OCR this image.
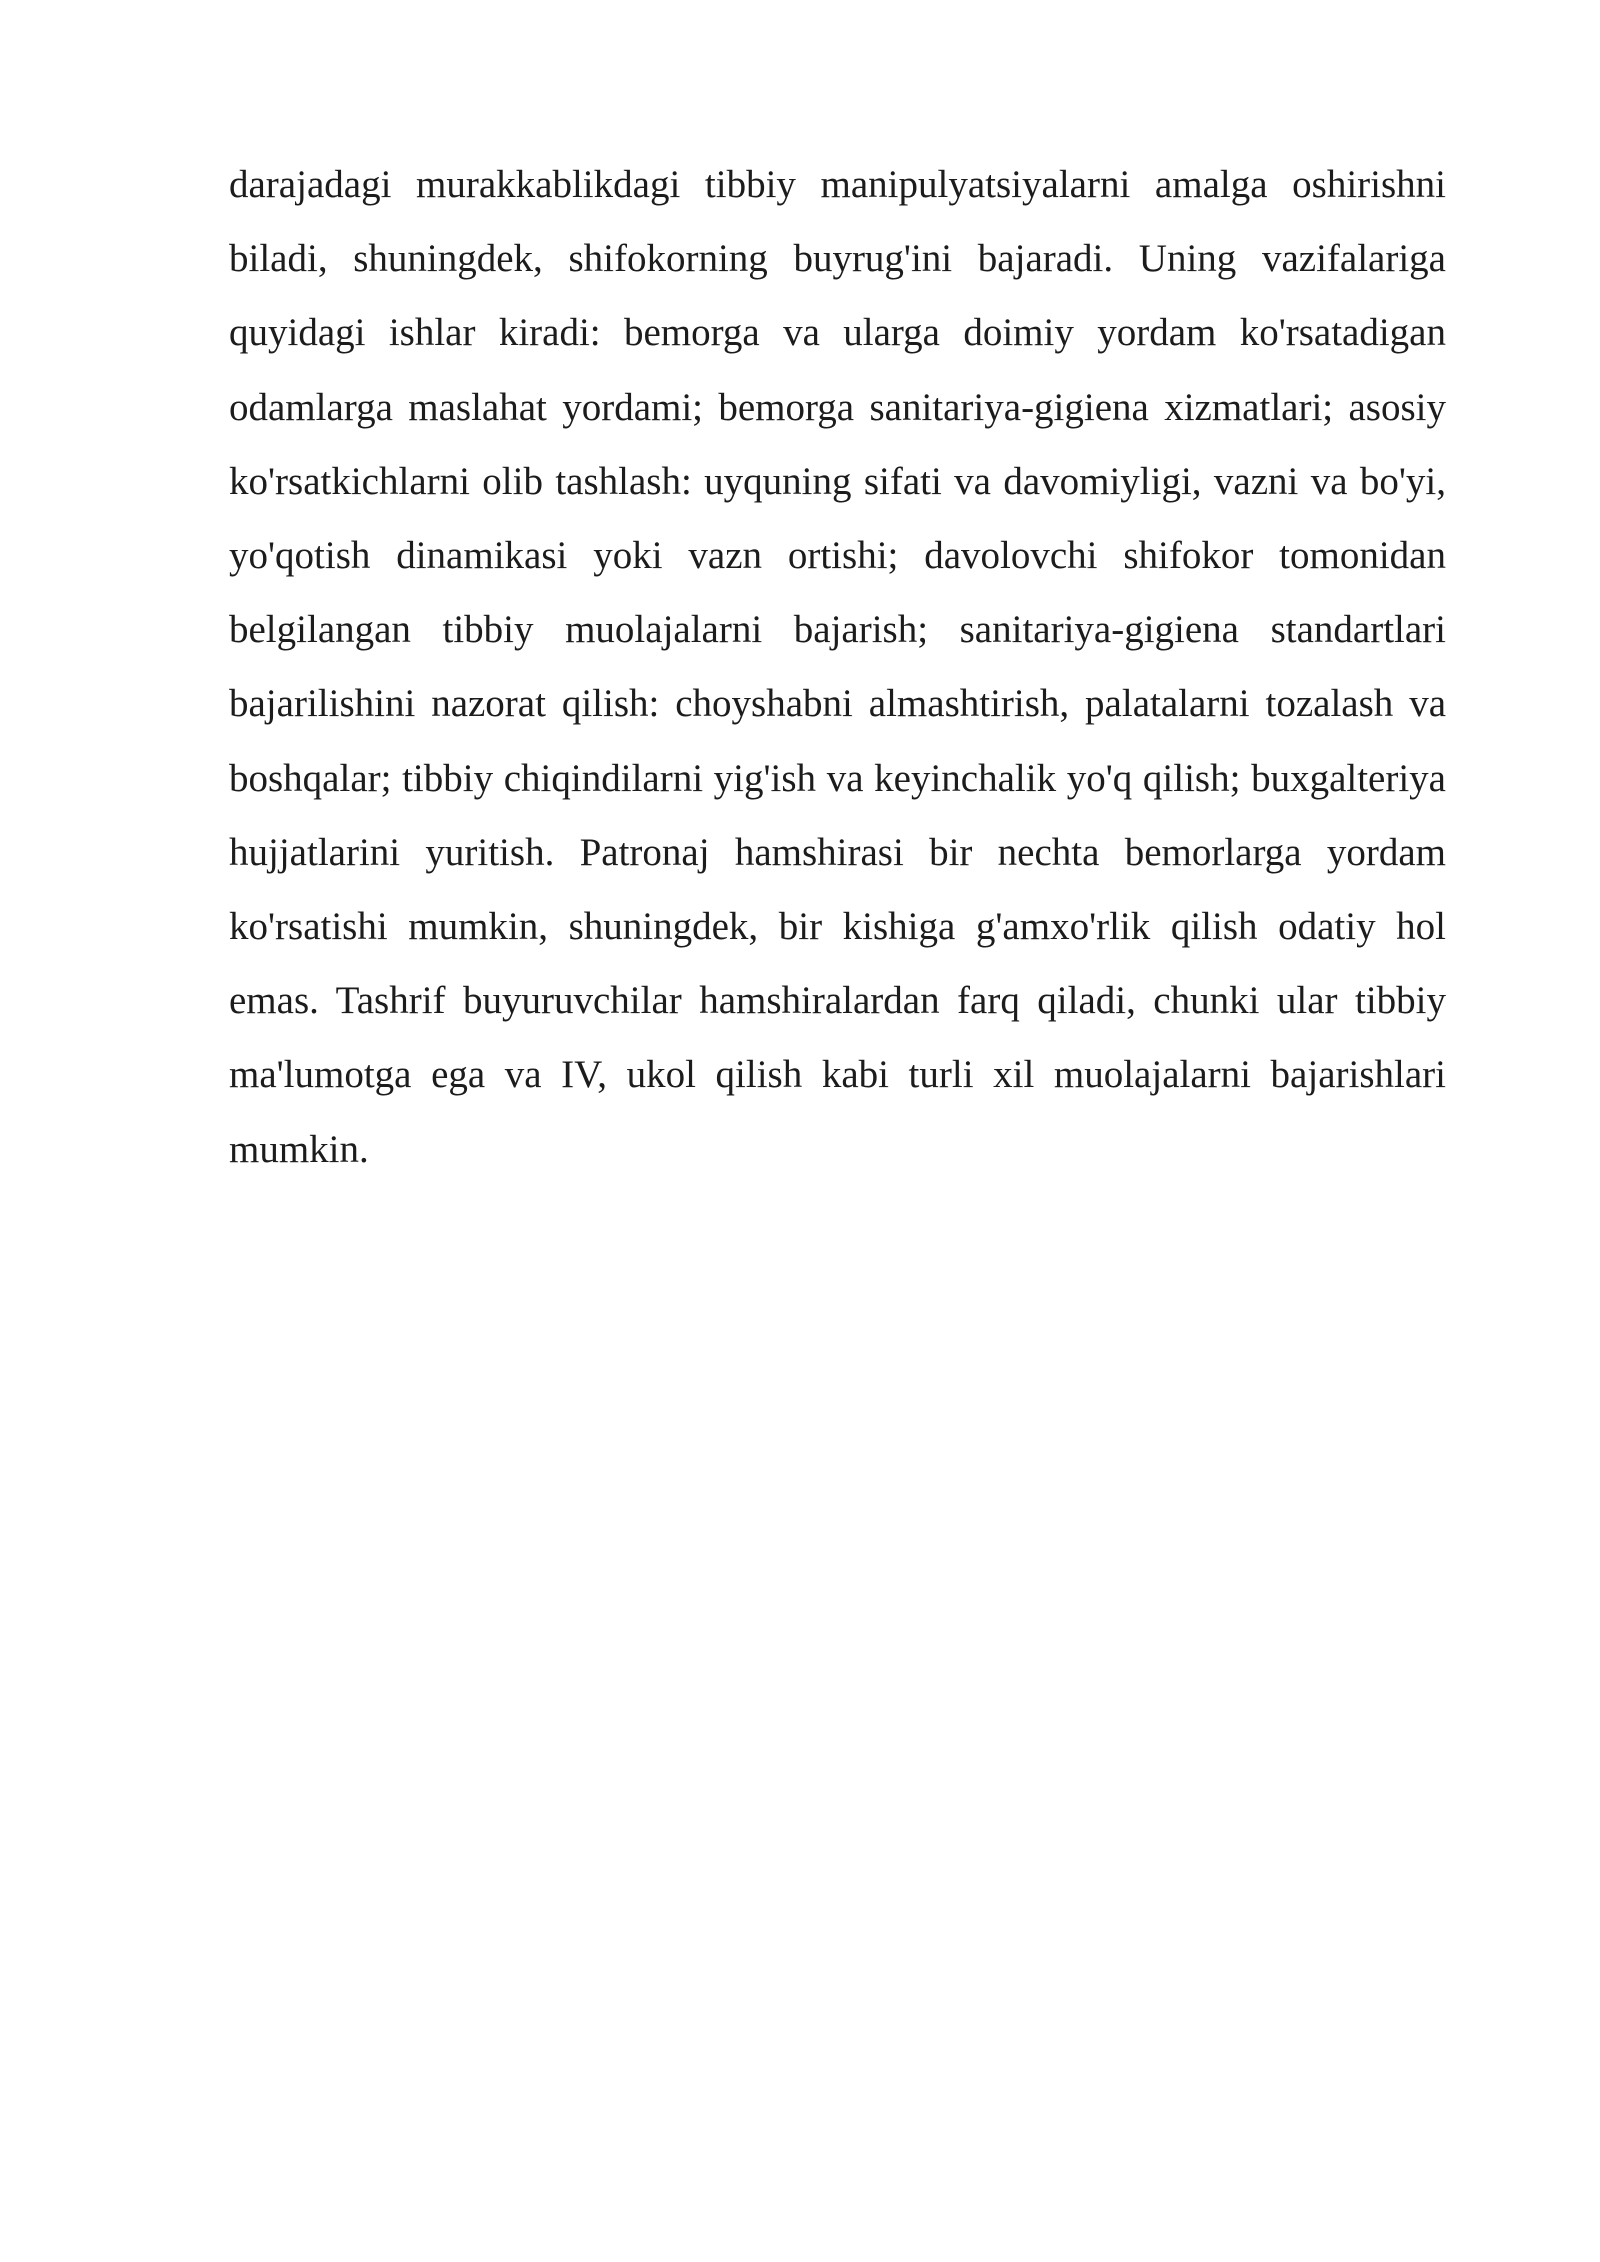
darajadagi murakkablikdagi tibbiy manipulyatsiyalarni amalga oshirishni biladi, shuningdek, shifokorning buyrug'ini bajaradi. Uning vazifalariga quyidagi ishlar kiradi: bemorga va ularga doimiy yordam ko'rsatadigan odamlarga maslahat yordami; bemorga sanitariya-gigiena xizmatlari; asosiy ko'rsatkichlarni olib tashlash: uyquning sifati va davomiyligi, vazni va bo'yi, yo'qotish dinamikasi yoki vazn ortishi; davolovchi shifokor tomonidan belgilangan tibbiy muolajalarni bajarish; sanitariya-gigiena standartlari bajarilishini nazorat qilish: choyshabni almashtirish, palatalarni tozalash va boshqalar; tibbiy chiqindilarni yig'ish va keyinchalik yo'q qilish; buxgalteriya hujjatlarini yuritish. Patronaj hamshirasi bir nechta bemorlarga yordam ko'rsatishi mumkin, shuningdek, bir kishiga g'amxo'rlik qilish odatiy hol emas. Tashrif buyuruvchilar hamshiralardan farq qiladi, chunki ular tibbiy ma'lumotga ega va IV, ukol qilish kabi turli xil muolajalarni bajarishlari mumkin.
